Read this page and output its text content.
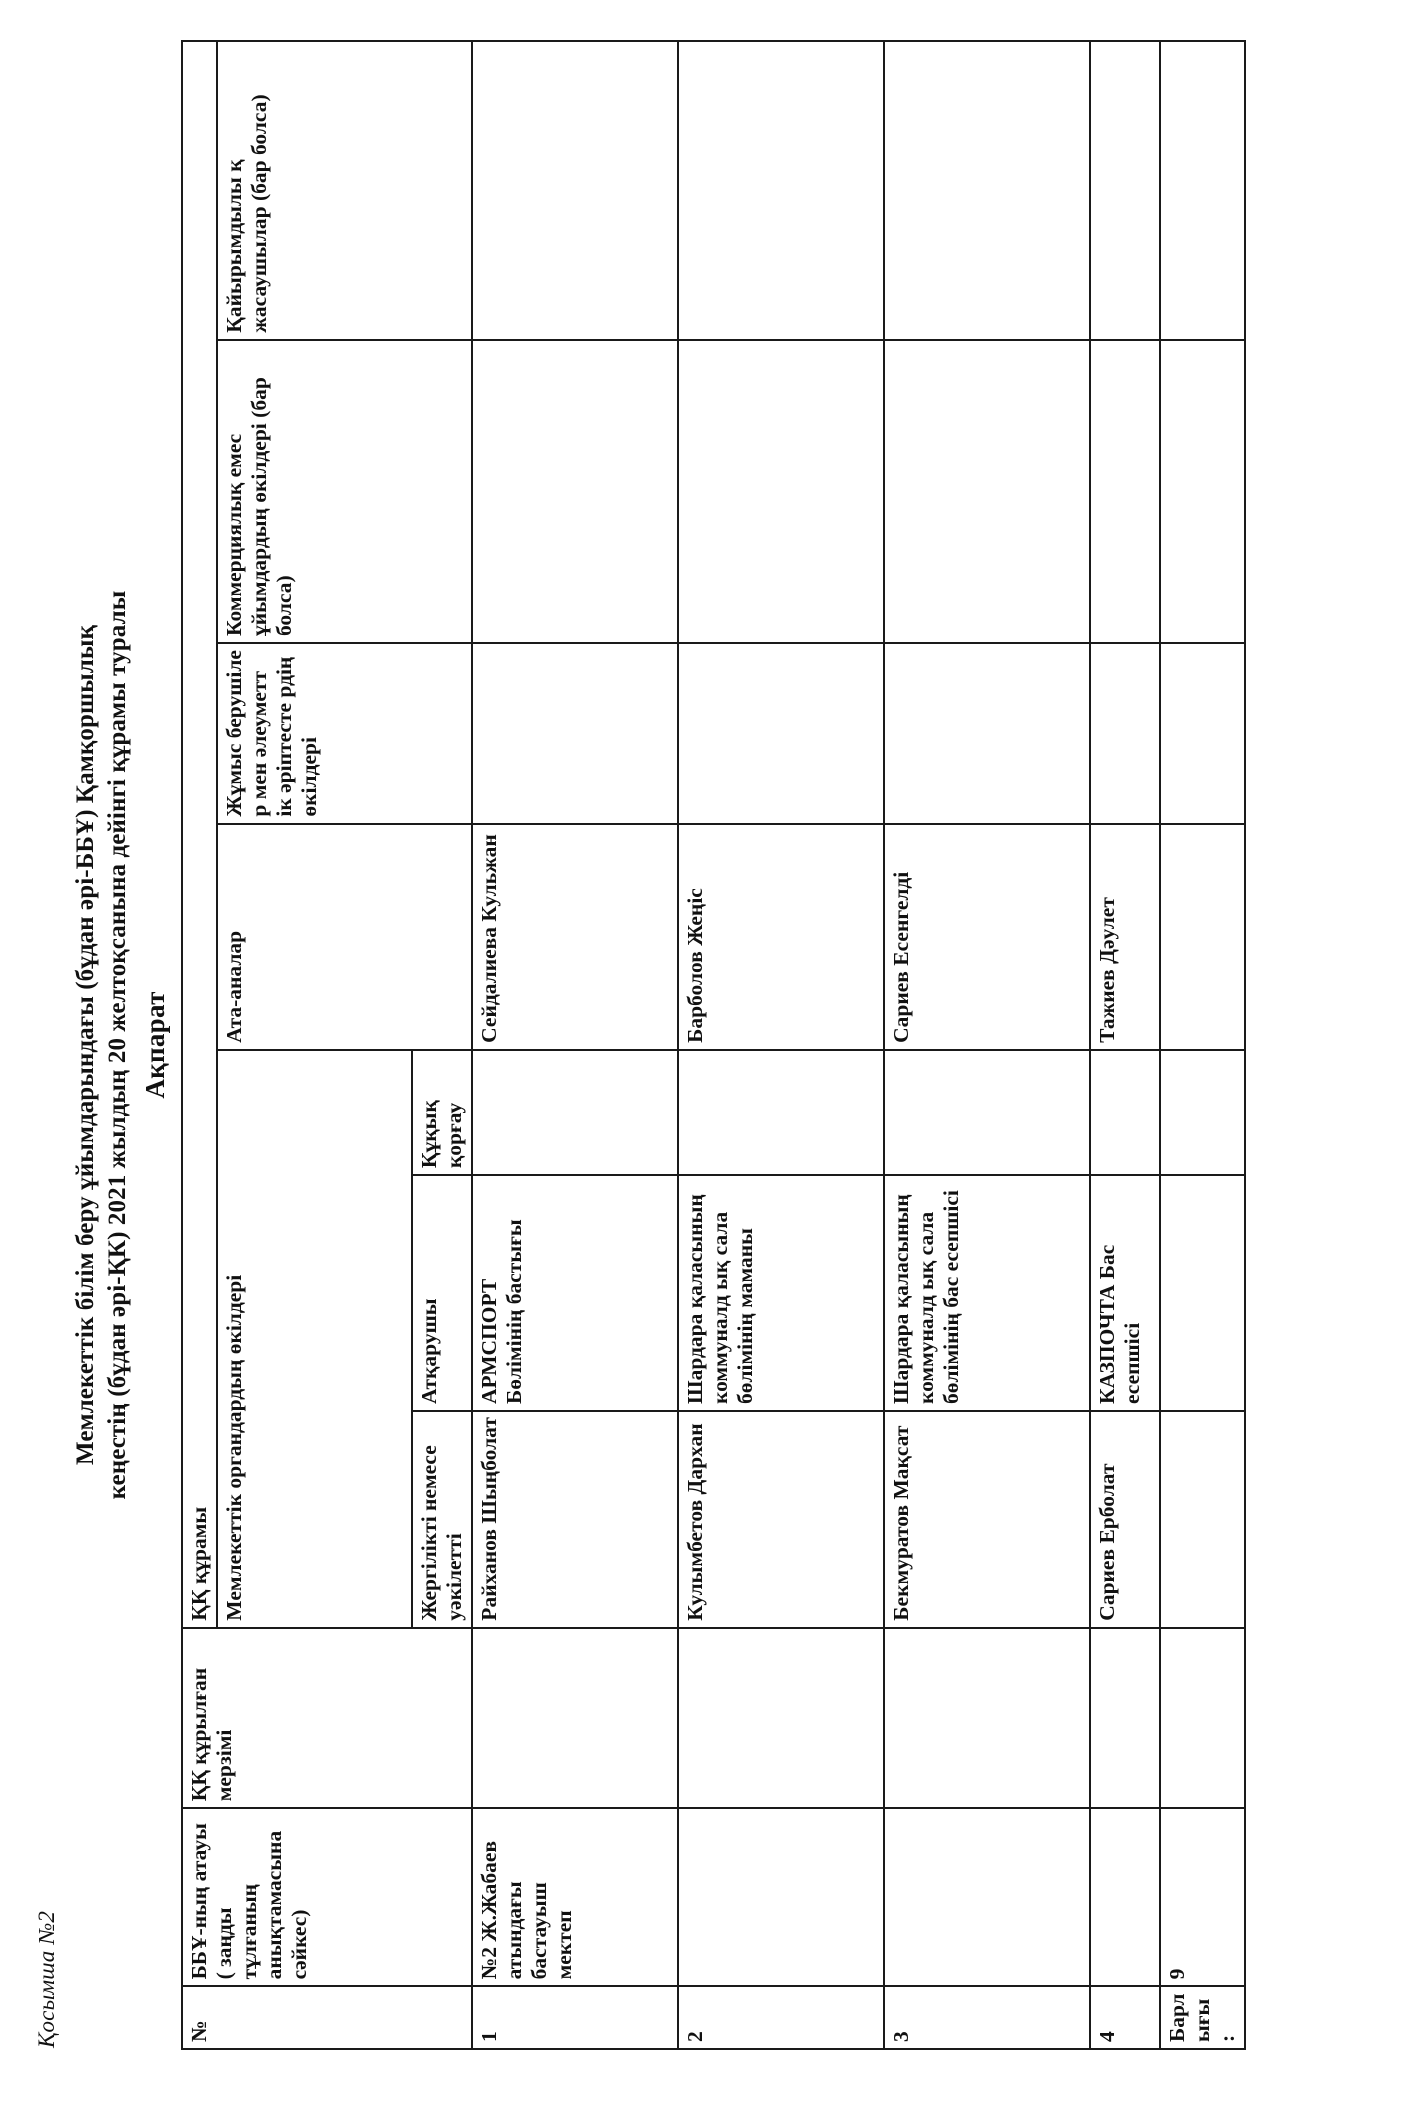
Қосымша №2
Мемлекеттік білім беру ұйымдарындағы (бұдан әрі-ББҰ) Қамқоршылық кеңестің (бұдан әрі-ҚК) 2021 жылдың 20 желтоқсанына дейінгі құрамы туралы Ақпарат
№	ББҰ-ның атауы ( заңды тұлғаның анықтамасына сәйкес)	ҚҚ құрылған мерзімі	ҚҚ құрамы						
			Мемлекеттік органдардың өкілдері			Ата-аналар	Жұмыс берушіле р мен әлеуметт ік әріптесте рдің өкілдері	Коммерциялық емес ұйымдардың өкілдері (бар болса)	Қайырымдылы қ жасаушылар (бар болса)
			Жергілікті немесе уәкілетті	Атқарушы	Құқық қорғау				
1	№2 Ж.Жабаев атындағы бастауыш мектеп		Райханов Шыңболат	АРМСПОРТ Бөлімінің бастығы		Сейдалиева Кульжан			
2			Кулымбетов Дархан	Шардара қаласының коммуналд ық сала бөлімінің маманы		Барболов Жеңіс			
3			Бекмуратов Мақсат	Шардара қаласының коммуналд ық сала бөлімінің бас есепшісі		Сариев Есенгелді			
4			Сариев Ерболат	КАЗПОЧТА Бас есепшісі		Тажиев Дәулет			
Барлығы:	9								
